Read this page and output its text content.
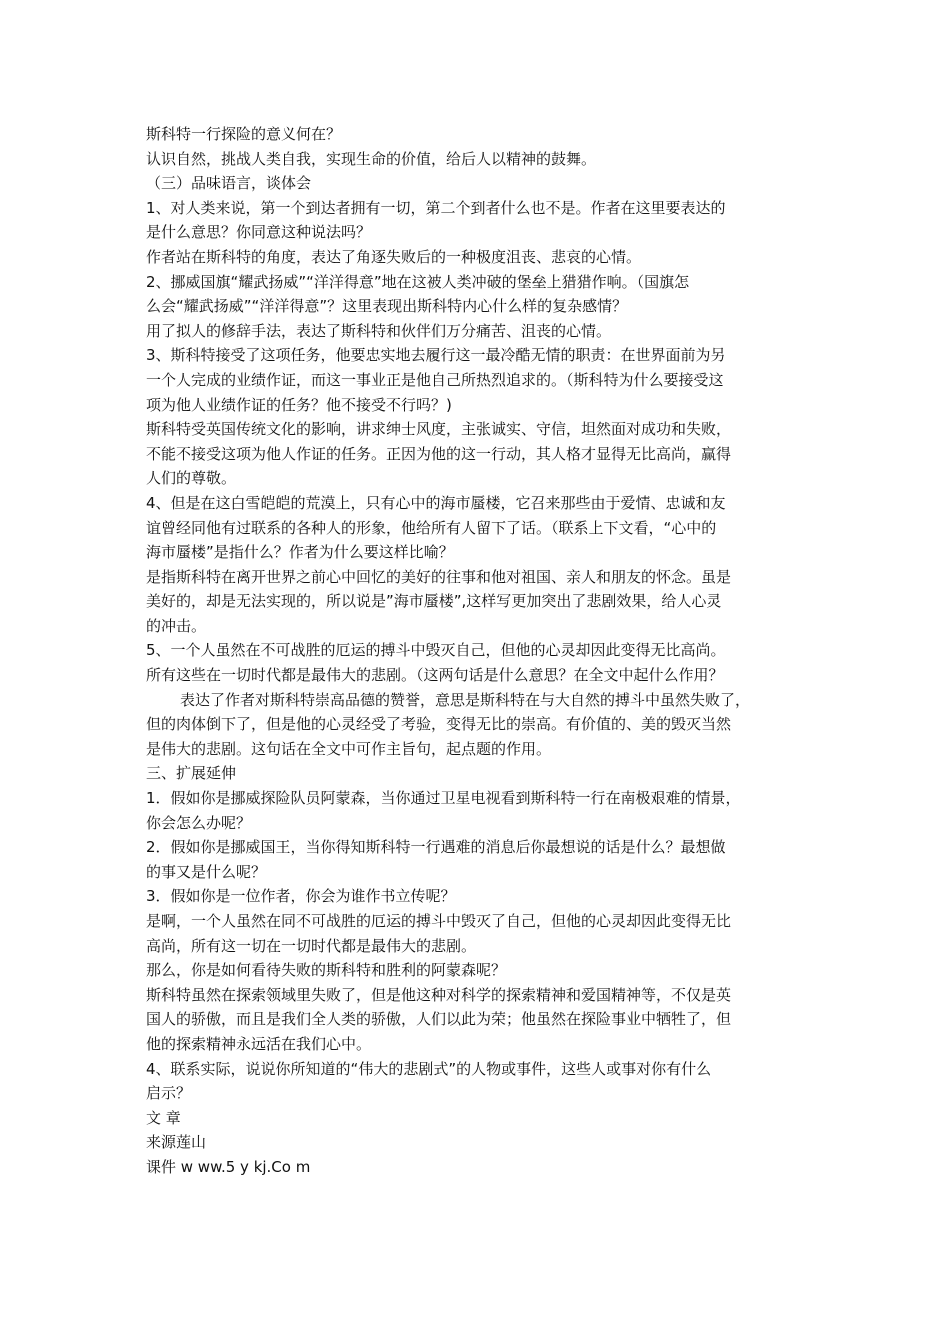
斯科特一行探险的意义何在？
认识自然，挑战人类自我，实现生命的价值，给后人以精神的鼓舞。
（三）品味语言，谈体会
1、对人类来说，第一个到达者拥有一切，第二个到者什么也不是。作者在这里要表达的
是什么意思？你同意这种说法吗？
作者站在斯科特的角度，表达了角逐失败后的一种极度沮丧、悲哀的心情。
2、挪威国旗“耀武扬威”“洋洋得意”地在这被人类冲破的堡垒上猎猎作响。（国旗怎
么会“耀武扬威”“洋洋得意”？这里表现出斯科特内心什么样的复杂感情？
用了拟人的修辞手法，表达了斯科特和伙伴们万分痛苦、沮丧的心情。
3、斯科特接受了这项任务，他要忠实地去履行这一最冷酷无情的职责：在世界面前为另
一个人完成的业绩作证，而这一事业正是他自己所热烈追求的。（斯科特为什么要接受这
项为他人业绩作证的任务？他不接受不行吗？)
斯科特受英国传统文化的影响，讲求绅士风度，主张诚实、守信，坦然面对成功和失败，
不能不接受这项为他人作证的任务。正因为他的这一行动，其人格才显得无比高尚，赢得
人们的尊敬。
4、但是在这白雪皑皑的荒漠上，只有心中的海市蜃楼，它召来那些由于爱情、忠诚和友
谊曾经同他有过联系的各种人的形象，他给所有人留下了话。（联系上下文看，“心中的
海市蜃楼”是指什么？作者为什么要这样比喻？
是指斯科特在离开世界之前心中回忆的美好的往事和他对祖国、亲人和朋友的怀念。虽是
美好的，却是无法实现的，所以说是”海市蜃楼”,这样写更加突出了悲剧效果，给人心灵
的冲击。
5、一个人虽然在不可战胜的厄运的搏斗中毁灭自己，但他的心灵却因此变得无比高尚。
所有这些在一切时代都是最伟大的悲剧。（这两句话是什么意思？在全文中起什么作用？
表达了作者对斯科特崇高品德的赞誉，意思是斯科特在与大自然的搏斗中虽然失败了，
但的肉体倒下了，但是他的心灵经受了考验，变得无比的崇高。有价值的、美的毁灭当然
是伟大的悲剧。这句话在全文中可作主旨句，起点题的作用。
三、扩展延伸
1．假如你是挪威探险队员阿蒙森，当你通过卫星电视看到斯科特一行在南极艰难的情景，
你会怎么办呢？
2．假如你是挪威国王，当你得知斯科特一行遇难的消息后你最想说的话是什么？最想做
的事又是什么呢？
3．假如你是一位作者，你会为谁作书立传呢？
是啊，一个人虽然在同不可战胜的厄运的搏斗中毁灭了自己，但他的心灵却因此变得无比
高尚，所有这一切在一切时代都是最伟大的悲剧。
那么，你是如何看待失败的斯科特和胜利的阿蒙森呢？
斯科特虽然在探索领域里失败了，但是他这种对科学的探索精神和爱国精神等，不仅是英
国人的骄傲，而且是我们全人类的骄傲，人们以此为荣；他虽然在探险事业中牺牲了，但
他的探索精神永远活在我们心中。
4、联系实际，说说你所知道的“伟大的悲剧式”的人物或事件，这些人或事对你有什么
启示？
文 章
来源莲山
课件 w ww.5 y kj.Co m
